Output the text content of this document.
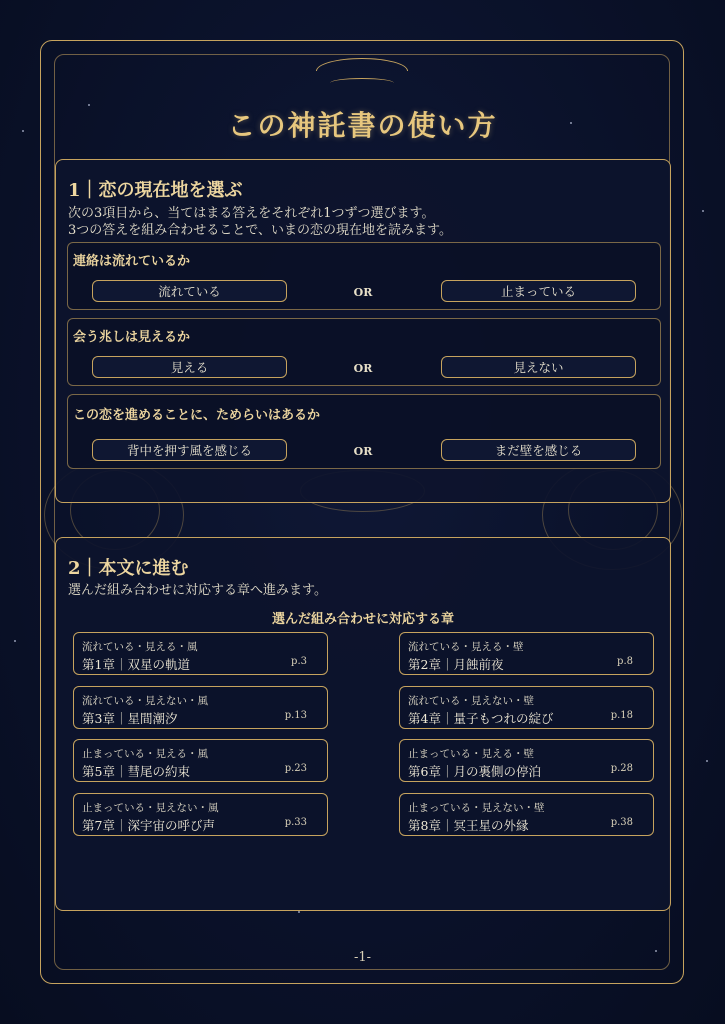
この神託書の使い方
1｜恋の現在地を選ぶ
次の3項目から、当てはまる答えをそれぞれ1つずつ選びます。
3つの答えを組み合わせることで、いまの恋の現在地を読みます。
連絡は流れているか
流れている	OR	止まっている
会う兆しは見えるか
見える	OR	見えない
この恋を進めることに、ためらいはあるか
背中を押す風を感じる	OR	まだ壁を感じる
2｜本文に進む
選んだ組み合わせに対応する章へ進みます。
選んだ組み合わせに対応する章
流れている・見える・風
第1章｜双星の軌道	p.3
流れている・見える・壁
第2章｜月蝕前夜	p.8
流れている・見えない・風
第3章｜星間潮汐	p.13
流れている・見えない・壁
第4章｜量子もつれの綻び	p.18
止まっている・見える・風
第5章｜彗尾の約束	p.23
止まっている・見える・壁
第6章｜月の裏側の停泊	p.28
止まっている・見えない・風
第7章｜深宇宙の呼び声	p.33
止まっている・見えない・壁
第8章｜冥王星の外縁	p.38
-1-
